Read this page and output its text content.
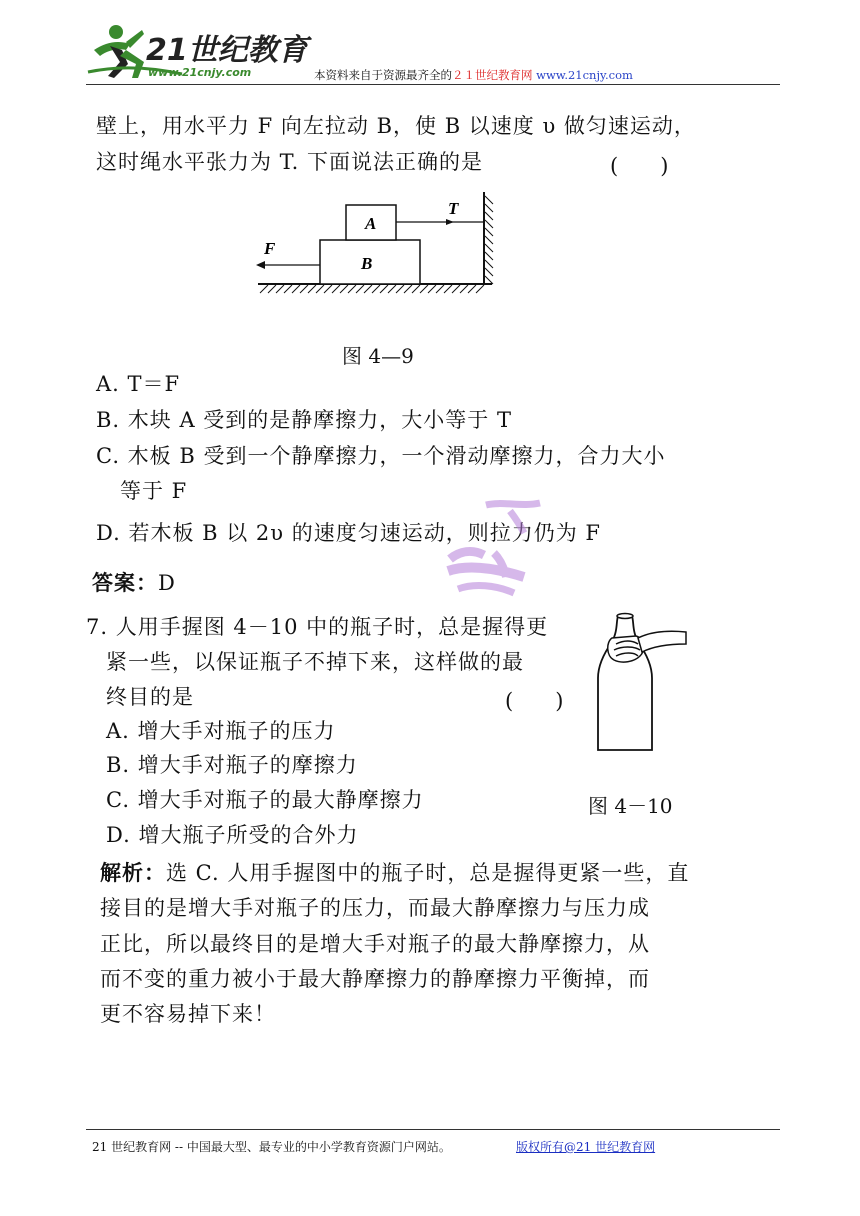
21世纪教育
www.21cnjy.com	本资料来自于资源最齐全的２１世纪教育网 www.21cnjy.com
壁上，用水平力 F 向左拉动 B，使 B 以速度 υ 做匀速运动，
这时绳水平张力为 T. 下面说法正确的是	(　　)
B
A
T
F
图 4—9
A. T＝F
B. 木块 A 受到的是静摩擦力，大小等于 T
C. 木板 B 受到一个静摩擦力，一个滑动摩擦力，合力大小
等于 F
D. 若木板 B 以 2υ 的速度匀速运动，则拉力仍为 F
答案：D
7. 人用手握图 4－10 中的瓶子时，总是握得更
紧一些，以保证瓶子不掉下来，这样做的最
终目的是	(　　)
A. 增大手对瓶子的压力
B. 增大手对瓶子的摩擦力
C. 增大手对瓶子的最大静摩擦力	图 4－10
D. 增大瓶子所受的合外力
解析：选 C. 人用手握图中的瓶子时，总是握得更紧一些，直
接目的是增大手对瓶子的压力，而最大静摩擦力与压力成
正比，所以最终目的是增大手对瓶子的最大静摩擦力，从
而不变的重力被小于最大静摩擦力的静摩擦力平衡掉，而
更不容易掉下来！
21 世纪教育网 -- 中国最大型、最专业的中小学教育资源门户网站。	版权所有@21 世纪教育网
